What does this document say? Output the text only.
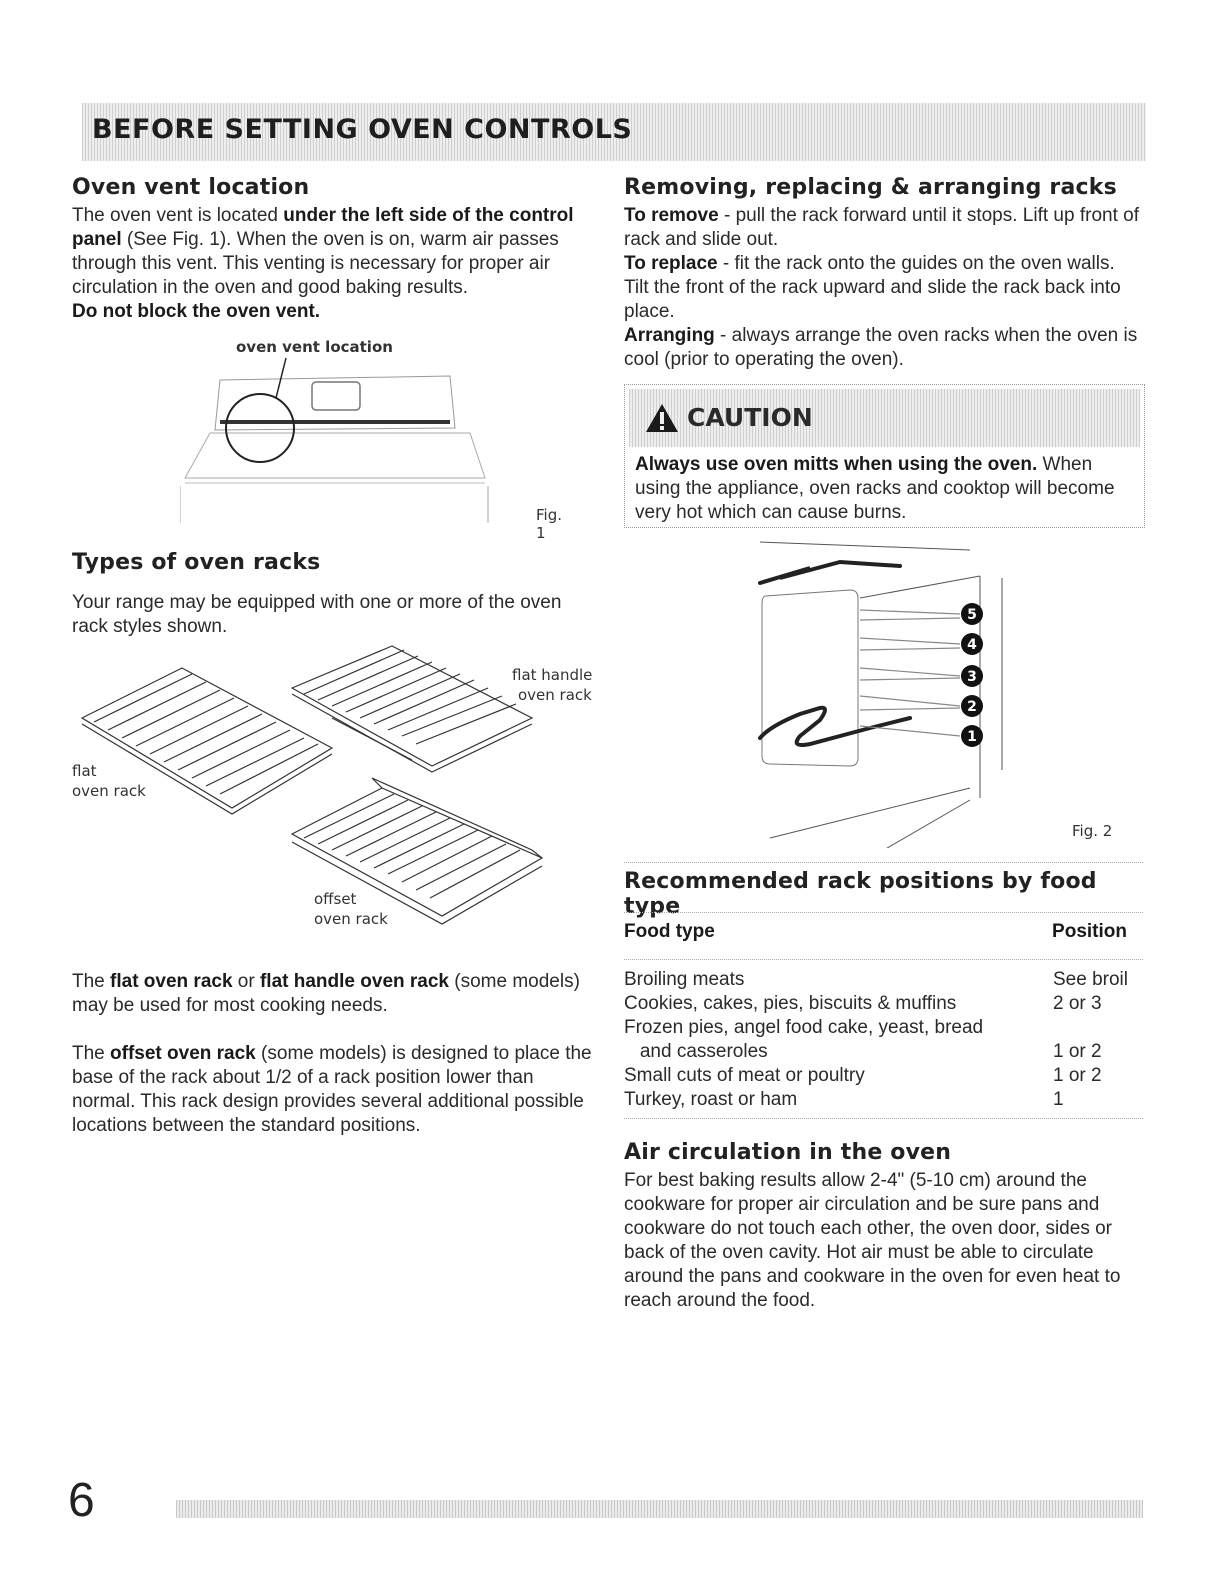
BEFORE SETTING OVEN CONTROLS
Oven vent location

The oven vent is located under the left side of the control panel (See Fig. 1). When the oven is on, warm air passes through this vent. This venting is necessary for proper air circulation in the oven and good baking results.
Do not block the oven vent.

oven vent location
Fig. 1
Types of oven racks

Your range may be equipped with one or more of the oven rack styles shown.

flat
oven rack
flat handle
oven rack
offset
oven rack

The flat oven rack or flat handle oven rack (some models) may be used for most cooking needs.

The offset oven rack (some models) is designed to place the base of the rack about 1/2 of a rack position lower than normal. This rack design provides several additional possible locations between the standard positions.

Removing, replacing & arranging racks

To remove - pull the rack forward until it stops. Lift up front of rack and slide out.

To replace - fit the rack onto the guides on the oven walls. Tilt the front of the rack upward and slide the rack back into place.

Arranging - always arrange the oven racks when the oven is cool (prior to operating the oven).

CAUTION

Always use oven mitts when using the oven. When using the appliance, oven racks and cooktop will become very hot which can cause burns.

5
4
3
2
1
Fig. 2
Recommended rack positions by food type
Food type	Position
Broiling meats	See broil
Cookies, cakes, pies, biscuits & muffins	2 or 3
Frozen pies, angel food cake, yeast, bread
and casseroles	1 or 2
Small cuts of meat or poultry	1 or 2
Turkey, roast or ham	1
Air circulation in the oven

For best baking results allow 2-4" (5-10 cm) around the cookware for proper air circulation and be sure pans and cookware do not touch each other, the oven door, sides or back of the oven cavity. Hot air must be able to circulate around the pans and cookware in the oven for even heat to reach around the food.

6
